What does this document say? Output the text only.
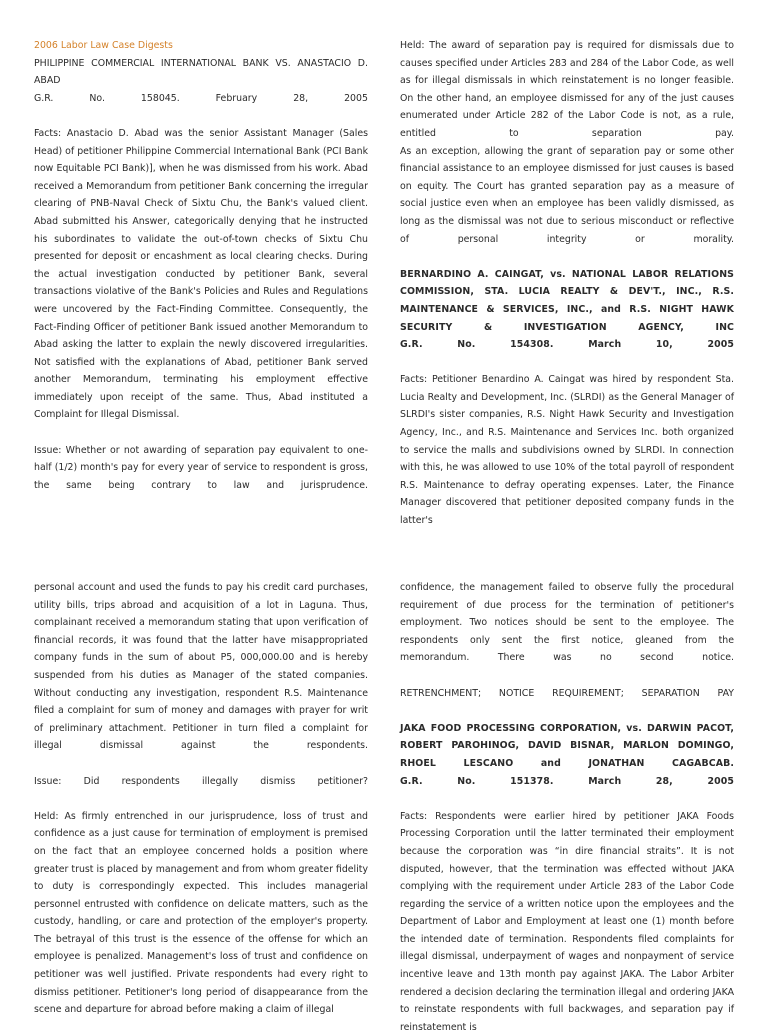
2006 Labor Law Case Digests

PHILIPPINE COMMERCIAL INTERNATIONAL BANK VS. ANASTACIO D. ABAD

G.R.	No.	158045.	February	28,	2005

Facts: Anastacio D. Abad was the senior Assistant Manager (Sales Head) of petitioner Philippine Commercial International Bank (PCI Bank now Equitable PCI Bank)], when he was dismissed from his work. Abad received a Memorandum from petitioner Bank concerning the irregular clearing of PNB-Naval Check of Sixtu Chu, the Bank's valued client. Abad submitted his Answer, categorically denying that he instructed his subordinates to validate the out-of-town checks of Sixtu Chu presented for deposit or encashment as local clearing checks. During the actual investigation conducted by petitioner Bank, several transactions violative of the Bank's Policies and Rules and Regulations were uncovered by the Fact-Finding Committee. Consequently, the Fact-Finding Officer of petitioner Bank issued another Memorandum to Abad asking the latter to explain the newly discovered irregularities. Not satisfied with the explanations of Abad, petitioner Bank served another Memorandum, terminating his employment effective immediately upon receipt of the same. Thus, Abad instituted a Complaint for Illegal Dismissal.

Issue: Whether or not awarding of separation pay equivalent to one-half (1/2) month's pay for every year of service to respondent is gross, the same being contrary to law and jurisprudence.

Held: The award of separation pay is required for dismissals due to causes specified under Articles 283 and 284 of the Labor Code, as well as for illegal dismissals in which reinstatement is no longer feasible. On the other hand, an employee dismissed for any of the just causes enumerated under Article 282 of the Labor Code is not, as a rule, entitled to separation pay.

As an exception, allowing the grant of separation pay or some other financial assistance to an employee dismissed for just causes is based on equity. The Court has granted separation pay as a measure of social justice even when an employee has been validly dismissed, as long as the dismissal was not due to serious misconduct or reflective of personal integrity or morality.

BERNARDINO A. CAINGAT, vs. NATIONAL LABOR RELATIONS COMMISSION, STA. LUCIA REALTY & DEV'T., INC., R.S. MAINTENANCE & SERVICES, INC., and R.S. NIGHT HAWK SECURITY & INVESTIGATION AGENCY, INC

G.R.	No.	154308.	March	10,	2005

Facts: Petitioner Benardino A. Caingat was hired by respondent Sta. Lucia Realty and Development, Inc. (SLRDI) as the General Manager of SLRDI's sister companies, R.S. Night Hawk Security and Investigation Agency, Inc., and R.S. Maintenance and Services Inc. both organized to service the malls and subdivisions owned by SLRDI. In connection with this, he was allowed to use 10% of the total payroll of respondent R.S. Maintenance to defray operating expenses. Later, the Finance Manager discovered that petitioner deposited company funds in the latter's

personal account and used the funds to pay his credit card purchases, utility bills, trips abroad and acquisition of a lot in Laguna. Thus, complainant received a memorandum stating that upon verification of financial records, it was found that the latter have misappropriated company funds in the sum of about P5, 000,000.00 and is hereby suspended from his duties as Manager of the stated companies. Without conducting any investigation, respondent R.S. Maintenance filed a complaint for sum of money and damages with prayer for writ of preliminary attachment. Petitioner in turn filed a complaint for illegal dismissal against the respondents.

Issue: Did respondents illegally dismiss petitioner?

Held: As firmly entrenched in our jurisprudence, loss of trust and confidence as a just cause for termination of employment is premised on the fact that an employee concerned holds a position where greater trust is placed by management and from whom greater fidelity to duty is correspondingly expected. This includes managerial personnel entrusted with confidence on delicate matters, such as the custody, handling, or care and protection of the employer's property. The betrayal of this trust is the essence of the offense for which an employee is penalized. Management's loss of trust and confidence on petitioner was well justified. Private respondents had every right to dismiss petitioner. Petitioner's long period of disappearance from the scene and departure for abroad before making a claim of illegal

confidence, the management failed to observe fully the procedural requirement of due process for the termination of petitioner's employment. Two notices should be sent to the employee. The respondents only sent the first notice, gleaned from the memorandum. There was no second notice.

RETRENCHMENT; NOTICE REQUIREMENT; SEPARATION PAY

JAKA FOOD PROCESSING CORPORATION, vs. DARWIN PACOT, ROBERT PAROHINOG, DAVID BISNAR, MARLON DOMINGO, RHOEL LESCANO and JONATHAN CAGABCAB.

G.R.	No.	151378.	March	28,	2005

Facts: Respondents were earlier hired by petitioner JAKA Foods Processing Corporation until the latter terminated their employment because the corporation was “in dire financial straits”. It is not disputed, however, that the termination was effected without JAKA complying with the requirement under Article 283 of the Labor Code regarding the service of a written notice upon the employees and the Department of Labor and Employment at least one (1) month before the intended date of termination. Respondents filed complaints for illegal dismissal, underpayment of wages and nonpayment of service incentive leave and 13th month pay against JAKA. The Labor Arbiter rendered a decision declaring the termination illegal and ordering JAKA to reinstate respondents with full backwages, and separation pay if reinstatement is
